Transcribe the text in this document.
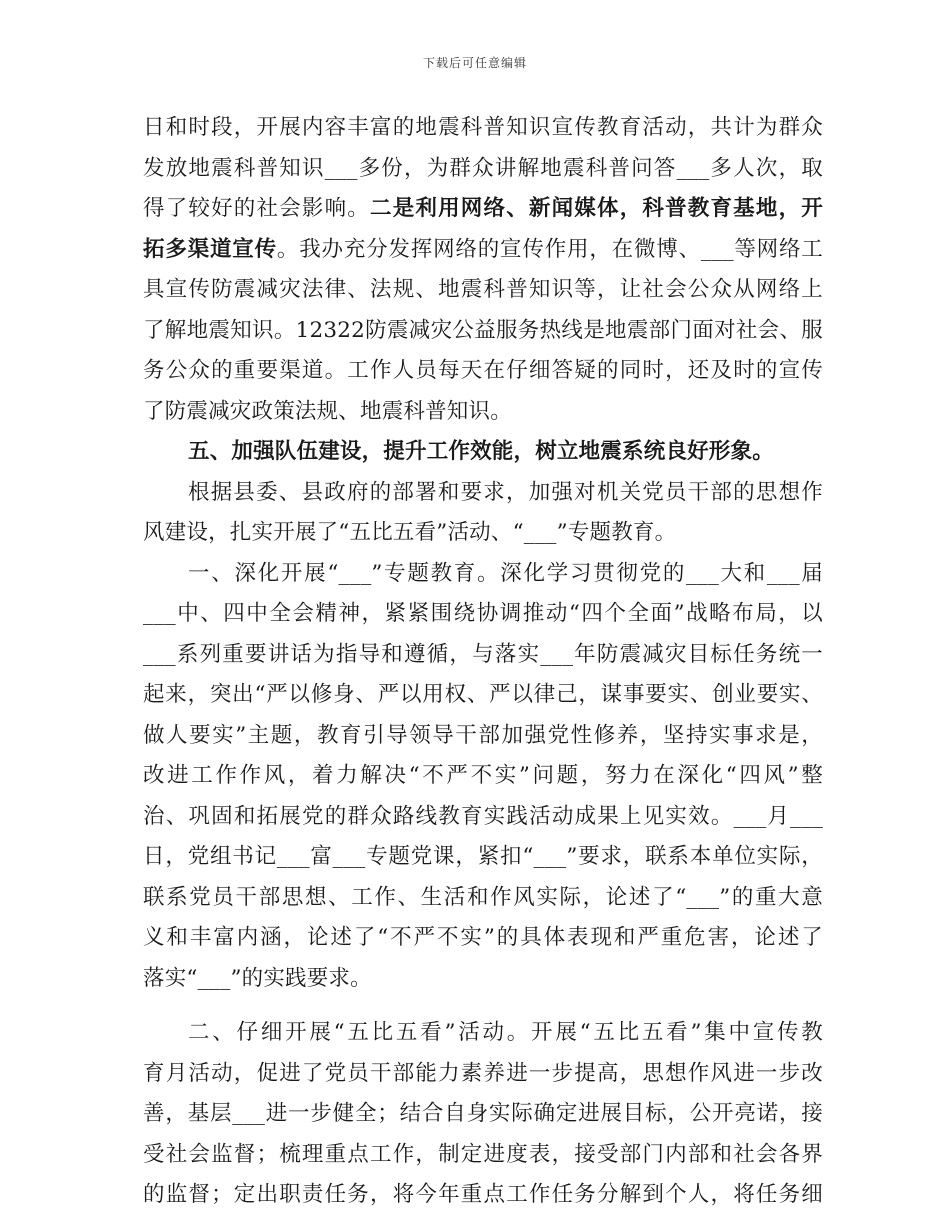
下载后可任意编辑
日和时段，开展内容丰富的地震科普知识宣传教育活动，共计为群众
发放地震科普知识___多份，为群众讲解地震科普问答___多人次，取
得了较好的社会影响。二是利用网络、新闻媒体，科普教育基地，开
拓多渠道宣传。我办充分发挥网络的宣传作用，在微博、___等网络工
具宣传防震减灾法律、法规、地震科普知识等，让社会公众从网络上
了解地震知识。12322防震减灾公益服务热线是地震部门面对社会、服
务公众的重要渠道。工作人员每天在仔细答疑的同时，还及时的宣传
了防震减灾政策法规、地震科普知识。
五、加强队伍建设，提升工作效能，树立地震系统良好形象。
根据县委、县政府的部署和要求，加强对机关党员干部的思想作
风建设，扎实开展了“五比五看”活动、“___”专题教育。
一、深化开展“___”专题教育。深化学习贯彻党的___大和___届
___中、四中全会精神，紧紧围绕协调推动“四个全面”战略布局，以
___系列重要讲话为指导和遵循，与落实___年防震减灾目标任务统一
起来，突出“严以修身、严以用权、严以律己，谋事要实、创业要实、
做人要实”主题，教育引导领导干部加强党性修养，坚持实事求是，
改进工作作风，着力解决“不严不实”问题，努力在深化“四风”整
治、巩固和拓展党的群众路线教育实践活动成果上见实效。___月___
日，党组书记___富___专题党课，紧扣“___”要求，联系本单位实际，
联系党员干部思想、工作、生活和作风实际，论述了“___”的重大意
义和丰富内涵，论述了“不严不实”的具体表现和严重危害，论述了
落实“___”的实践要求。
二、仔细开展“五比五看”活动。开展“五比五看”集中宣传教
育月活动，促进了党员干部能力素养进一步提高，思想作风进一步改
善，基层___进一步健全；结合自身实际确定进展目标，公开亮诺，接
受社会监督；梳理重点工作，制定进度表，接受部门内部和社会各界
的监督；定出职责任务，将今年重点工作任务分解到个人，将任务细
